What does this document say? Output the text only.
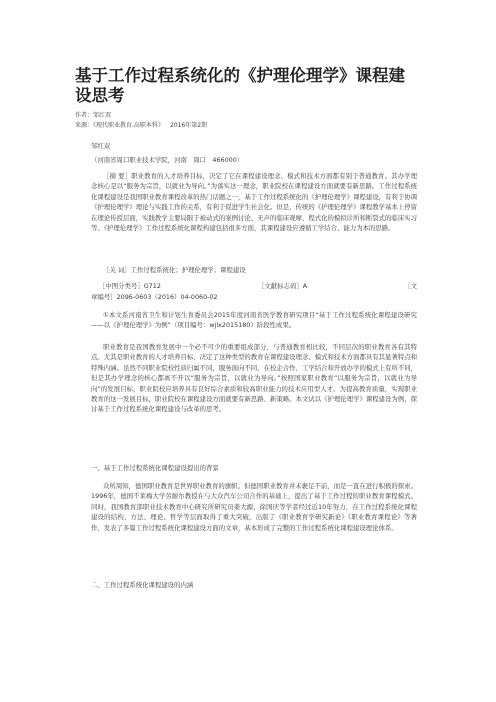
基于工作过程系统化的《护理伦理学》课程建设思考
作者：邹红双
来源：《现代职业教育.高职本科》 2016年第2期
邹红双
（河南省周口职业技术学院，河南　周口　466000）

［摘 要］职业教育的人才培养目标，决定了它在课程建设理念、模式和技术方面都有别于普通教育。其办学理念核心是以“服务为宗旨，以就业为导向。”为落实这一理念，职业院校在课程建设方面就要有新思路。工作过程系统化课程建设是我国职业教育课程改革的热门话题之一，基于工作过程系统化的《护理伦理学》课程建设，有利于协调《护理伦理学》理论与实践工作的关系，有利于促进学生社会化。但是，传统的《护理伦理学》课程教学基本上停留在理论传授层面，实践教学主要局限于被动式的案例讨论、无声的临床观摩、程式化的模拟诊所和断裂式的临床实习等。《护理伦理学》工作过程系统化课程构建包括很多方面，其课程建设应遵循工学结合、能力为本的思路。

［关 词］工作过程系统化；护理伦理学；课程建设
［中图分类号］G712	［文献标志码］A	［文
章编号］2096-0603（2016）04-0060-02

①本文系河南省卫生和计划生育委员会2015年度河南省医学教育研究项目“基于工作过程系统化课程建设研究——以《护理伦理学》为例”（项目编号：wjlx2015180）阶段性成果。

职业教育是我国教育发展中一个必不可少的重要组成部分，与普通教育相比较，不同层次的职业教育各有其特点。尤其是职业教育的人才培养目标，决定了这种类型的教育在课程建设理念、模式和技术方面都具有其显著特点和特殊内涵。虽然不同职业院校性质归属不同，服务面向不同，在校企合作、工学结合和开放办学的模式上有所不同，但是其办学理念的核心都离不开以“服务为宗旨，以就业为导向。”按照国家职业教育“以服务为宗旨，以就业为导向”的发展目标，职业院校应培养具有良好综合素质和较高职业能力的技术应用型人才。为提高教育质量，实现职业教育的这一发展目标，职业院校在课程建设方面就要有新思路、新策略。本文试以《护理伦理学》课程建设为例，探讨基于工作过程系统化课程建设与改革的思考。

一、基于工作过程系统化课程建设提出的背景

众所周知，德国职业教育是世界职业教育的旗帜。但德国职业教育并未裹足不前，而是一直在进行积极的探索。1996年，德国不莱梅大学劳耐尔教授在与大众汽车公司合作的基础上，提出了基于工作过程的职业教育课程模式。同时，我国教育部职业技术教育中心研究所研究员姜大源、徐国庆等学者经过近10年努力，在工作过程系统化课程建设的结构、方法、理论、哲学等层面取得了重大突破，出版了《职业教育学研究新论》《职业教育课程论》等著作，发表了多篇工作过程系统化课程建设方面的文章，基本形成了完整的工作过程系统化课程建设理论体系。

二、工作过程系统化课程建设的内涵
